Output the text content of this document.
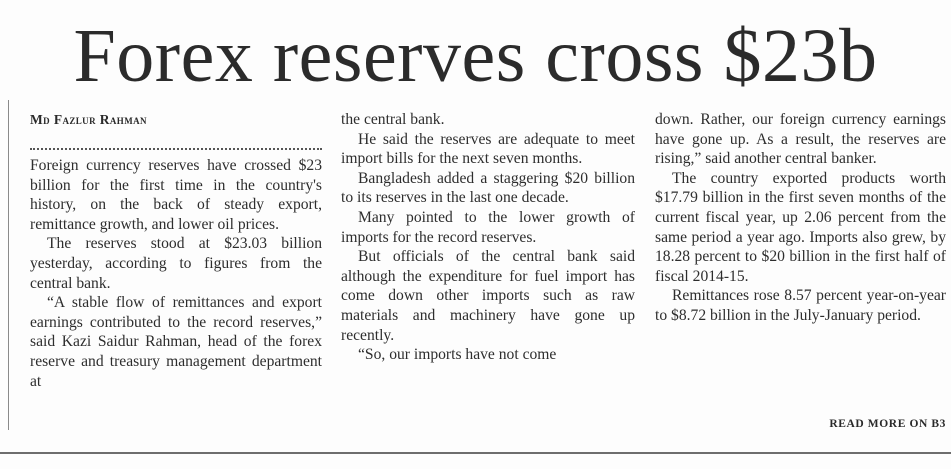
Forex reserves cross $23b
Md Fazlur Rahman

Foreign currency reserves have crossed $23 billion for the first time in the country's history, on the back of steady export, remittance growth, and lower oil prices.

The reserves stood at $23.03 billion yesterday, according to figures from the central bank.

“A stable flow of remittances and export earnings contributed to the record reserves,” said Kazi Saidur Rahman, head of the forex reserve and treasury management department at

the central bank.

He said the reserves are adequate to meet import bills for the next seven months.

Bangladesh added a staggering $20 billion to its reserves in the last one decade.

Many pointed to the lower growth of imports for the record reserves.

But officials of the central bank said although the expenditure for fuel import has come down other imports such as raw materials and machinery have gone up recently.

“So, our imports have not come

down. Rather, our foreign currency earnings have gone up. As a result, the reserves are rising,” said another central banker.

The country exported products worth $17.79 billion in the first seven months of the current fiscal year, up 2.06 percent from the same period a year ago. Imports also grew, by 18.28 percent to $20 billion in the first half of fiscal 2014-15.

Remittances rose 8.57 percent year-on-year to $8.72 billion in the July-January period.

READ MORE ON B3
